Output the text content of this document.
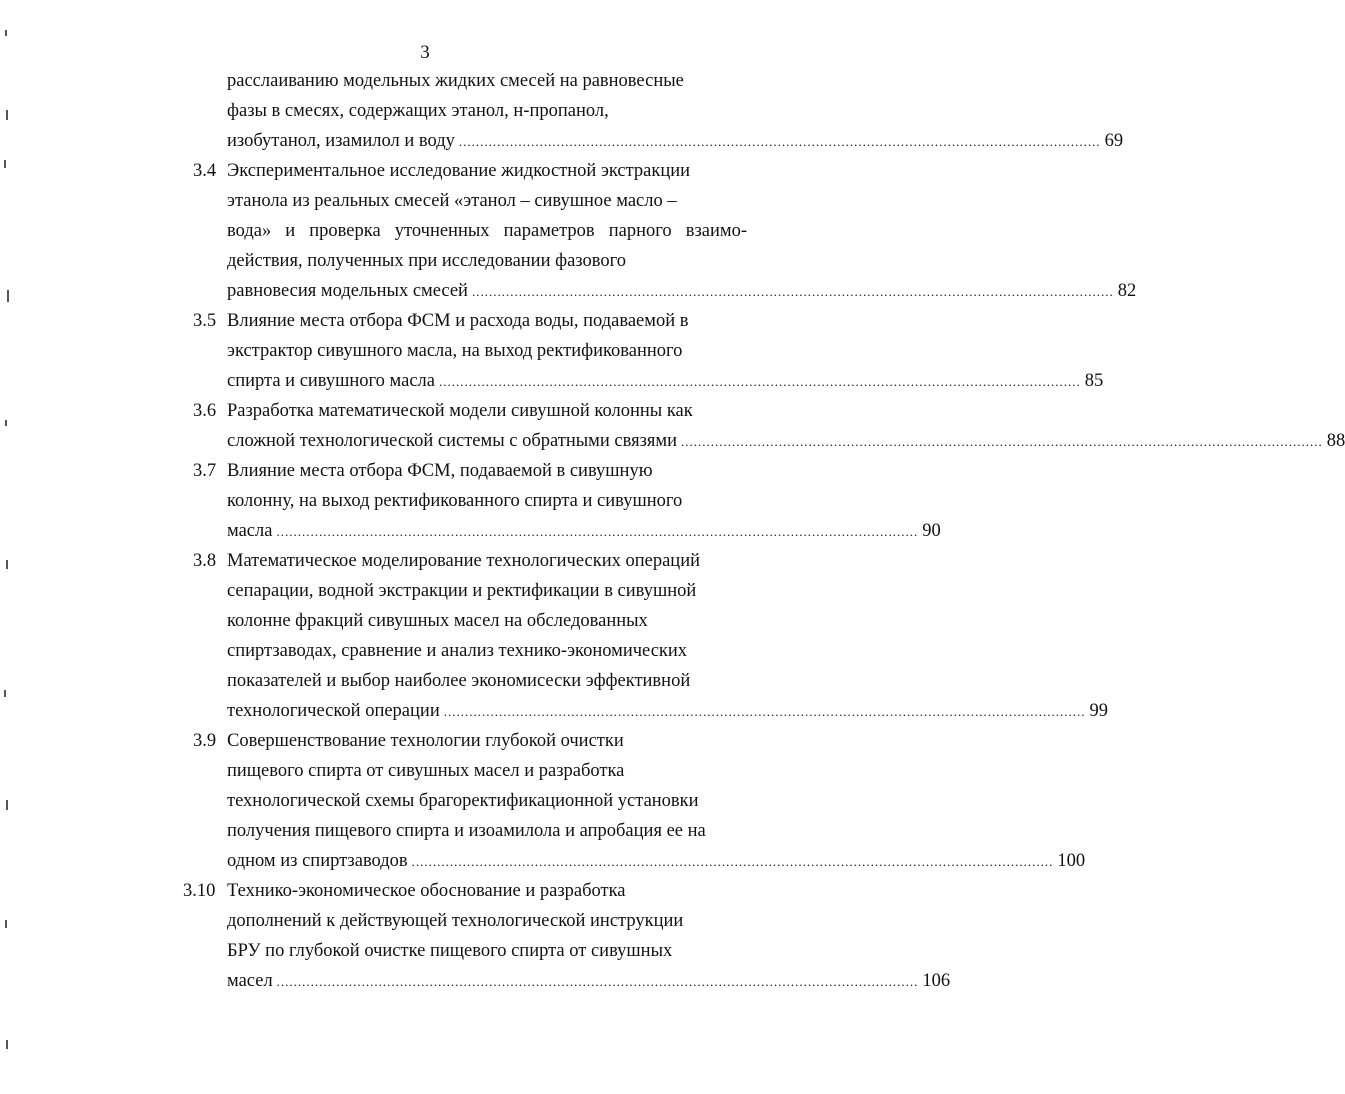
3
расслаиванию модельных жидких смесей на равновесные
фазы в смесях, содержащих этанол, н-пропанол,
изобутанол, изамилол и воду ....................................................................................................................................................... 69
3.4 Экспериментальное исследование жидкостной экстракции
этанола из реальных смесей «этанол – сивушное масло –
вода» и проверка уточненных параметров парного взаимо-
действия, полученных при исследовании фазового
равновесия модельных смесей ....................................................................................................................................................... 82
3.5 Влияние места отбора ФСМ и расхода воды, подаваемой в
экстрактор сивушного масла, на выход ректификованного
спирта и сивушного масла ....................................................................................................................................................... 85
3.6 Разработка математической модели сивушной колонны как
сложной технологической системы с обратными связями ....................................................................................................................................................... 88
3.7 Влияние места отбора ФСМ, подаваемой в сивушную
колонну, на выход ректификованного спирта и сивушного
масла ....................................................................................................................................................... 90
3.8 Математическое моделирование технологических операций
сепарации, водной экстракции и ректификации в сивушной
колонне фракций сивушных масел на обследованных
спиртзаводах, сравнение и анализ технико-экономических
показателей и выбор наиболее экономисески эффективной
технологической операции ....................................................................................................................................................... 99
3.9 Совершенствование технологии глубокой очистки
пищевого спирта от сивушных масел и разработка
технологической схемы брагоректификационной установки
получения пищевого спирта и изоамилола и апробация ее на
одном из спиртзаводов ....................................................................................................................................................... 100
3.10 Технико-экономическое обоснование и разработка
дополнений к действующей технологической инструкции
БРУ по глубокой очистке пищевого спирта от сивушных
масел ....................................................................................................................................................... 106
